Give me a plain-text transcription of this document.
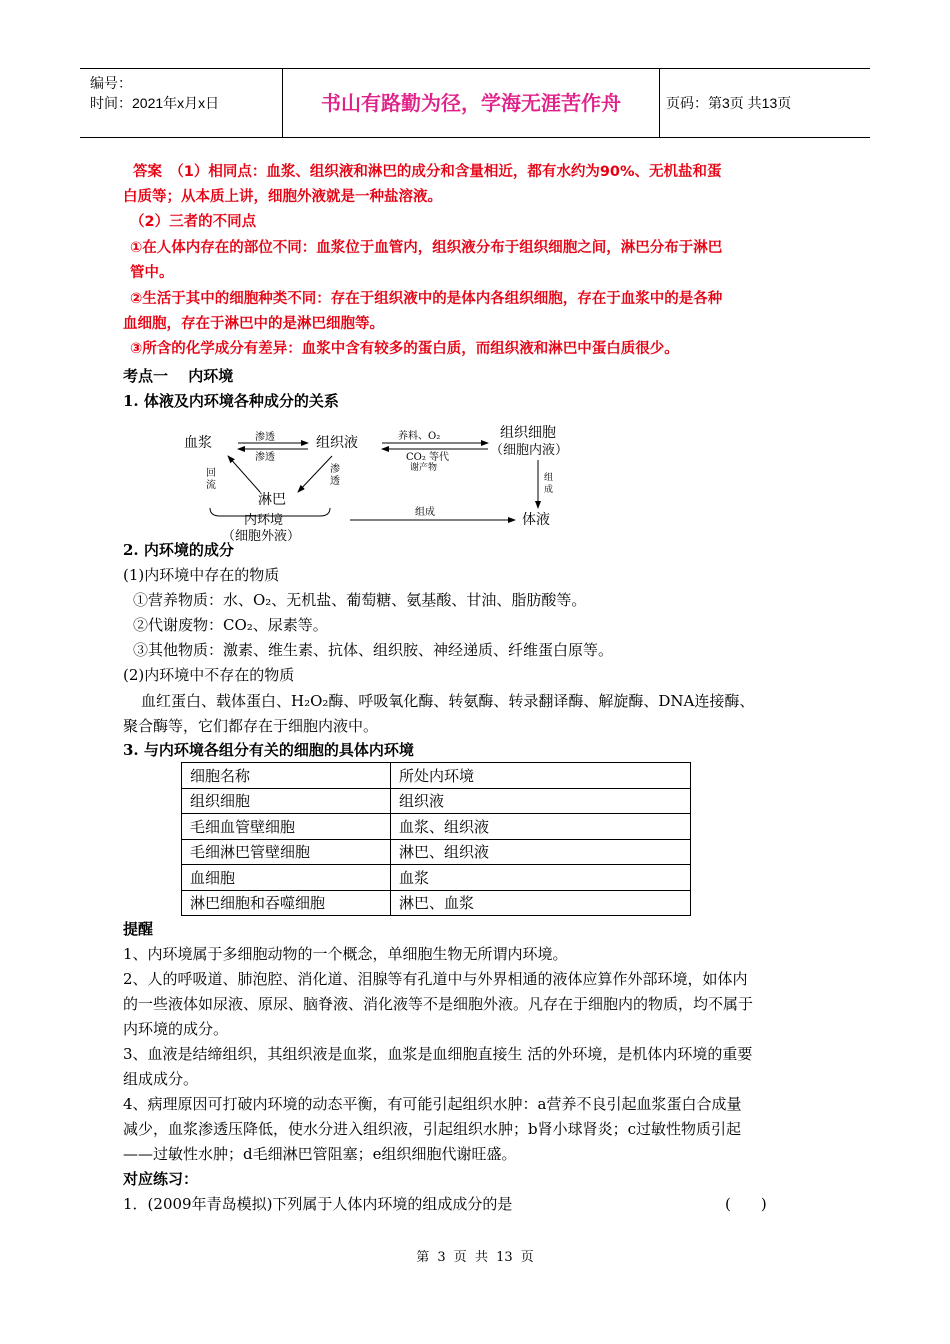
编号：
时间：2021年x月x日	书山有路勤为径，学海无涯苦作舟	页码：第3页 共13页
答案　（1）相同点：血浆、组织液和淋巴的成分和含量相近，都有水约为90%、无机盐和蛋
白质等；从本质上讲，细胞外液就是一种盐溶液。
（2）三者的不同点
①在人体内存在的部位不同：血浆位于血管内，组织液分布于组织细胞之间，淋巴分布于淋巴
管中。
②生活于其中的细胞种类不同：存在于组织液中的是体内各组织细胞，存在于血浆中的是各种
血细胞，存在于淋巴中的是淋巴细胞等。
③所含的化学成分有差异：血浆中含有较多的蛋白质，而组织液和淋巴中蛋白质很少。
考点一　 内环境
1. 体液及内环境各种成分的关系
血浆	渗透
渗透
组织液	养料、O₂
CO₂ 等代
谢产物
组织细胞
（细胞内液）
组
成
回
流
渗
透
淋巴
内环境
（细胞外液）
组成	体液
2. 内环境的成分
(1)内环境中存在的物质
①营养物质：水、O₂、无机盐、葡萄糖、氨基酸、甘油、脂肪酸等。
②代谢废物：CO₂、尿素等。
③其他物质：激素、维生素、抗体、组织胺、神经递质、纤维蛋白原等。
(2)内环境中不存在的物质
血红蛋白、载体蛋白、H₂O₂酶、呼吸氧化酶、转氨酶、转录翻译酶、解旋酶、DNA连接酶、
聚合酶等，它们都存在于细胞内液中。
3. 与内环境各组分有关的细胞的具体内环境
细胞名称	所处内环境
组织细胞	组织液
毛细血管壁细胞	血浆、组织液
毛细淋巴管壁细胞	淋巴、组织液
血细胞	血浆
淋巴细胞和吞噬细胞	淋巴、血浆
提醒
1、内环境属于多细胞动物的一个概念，单细胞生物无所谓内环境。
2、人的呼吸道、肺泡腔、消化道、泪腺等有孔道中与外界相通的液体应算作外部环境，如体内
的一些液体如尿液、原尿、脑脊液、消化液等不是细胞外液。凡存在于细胞内的物质，均不属于
内环境的成分。
3、血液是结缔组织，其组织液是血浆，血浆是血细胞直接生 活的外环境，是机体内环境的重要
组成成分。
4、病理原因可打破内环境的动态平衡，有可能引起组织水肿：a营养不良引起血浆蛋白合成量
减少，血浆渗透压降低，使水分进入组织液，引起组织水肿；b肾小球肾炎；c过敏性物质引起
——过敏性水肿；d毛细淋巴管阻塞；e组织细胞代谢旺盛。
对应练习：
1．(2009年青岛模拟)下列属于人体内环境的组成成分的是	(　　)
第 3 页 共 13 页
